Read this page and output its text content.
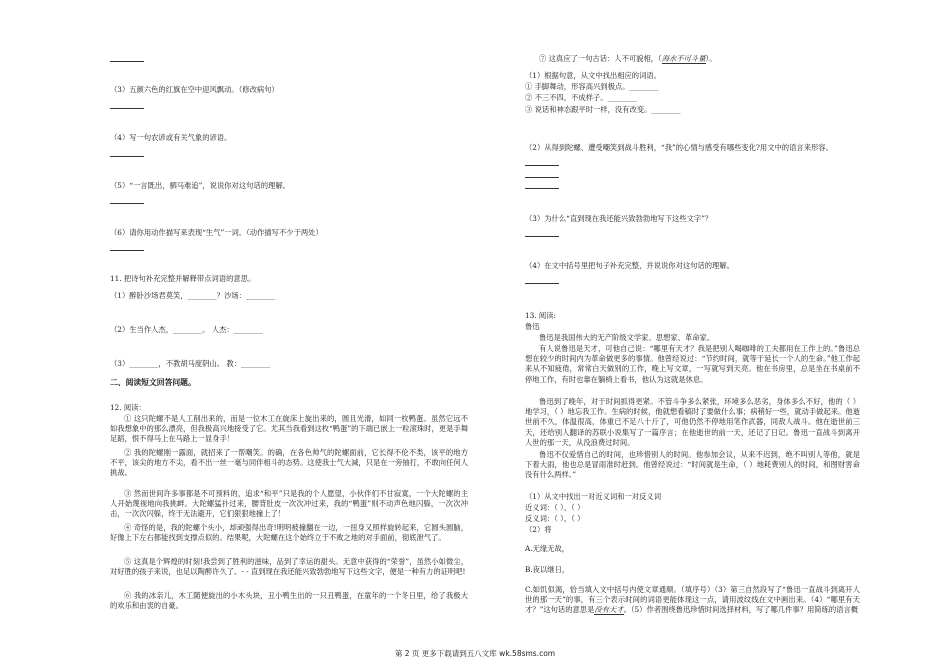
（3）五颜六色的红旗在空中迎风飘动。（修改病句）
（4）写一句农谚或有关气象的谚语。
（5）“一言既出，驷马难追”，说说你对这句话的理解。
（6）请你用动作描写来表现“生气”一词。（动作描写不少于两处）
11. 把诗句补充完整并解释带点词语的意思。
（1）醉卧沙场君莫笑，________？沙场：________
（2）生当作人杰，________。 人杰：________
（3）________，不教胡马度阴山。 教：________
二、阅读短文回答问题。
12. 阅读：
① 这只陀螺不是人工削出来的，而是一位木工在旋床上旋出来的，圆且光滑，如同一枚鸭蛋。虽然它远不如我想象中的那么漂亮，但我极高兴地接受了它。尤其当我看到这枚“鸭蛋”的下端已嵌上一粒滚珠时，更是手舞足蹈，恨不得马上在马路上一显身手！
② 我的陀螺刚一露面，就招来了一帮嘲笑。的确，在各色帅气的陀螺面前，它长得不伦不类，该平的地方不平，该尖的地方不尖，看不出一丝一毫与同伴相斗的态势。这使我士气大减，只是在一旁抽打，不敢向任何人挑战。
③ 然而世间许多事都是不可预料的，追求“和平”只是我的个人愿望，小伙伴们不甘寂寞，一个大陀螺的主人开始蔑视地向我挑衅。大陀螺猛扑过来，腰背肚皮一次次冲过来，我的“鸭蛋”则不动声色地闪躲，一次次冲击，一次次闪躲，终于无法避开，它们狠狠地撞上了！
④ 奇怪的是，我的陀螺个头小，却顽强得出奇!明明被撞翻在一边，一扭身又照样旋转起来，它圆头圆脑，好像上下左右都能找到支撑点似的。结果呢，大陀螺在这个始终立于不败之地的对手面前，彻底泄气了。
⑤ 这真是个辉煌的时刻!我尝到了胜利的滋味，品到了幸运的甜头。无意中获得的“荣誉”，虽然小如微尘，对好胜的孩子来说，也足以陶醉许久了。- - 直到现在我还能兴致勃勃地写下这些文字，便是一种有力的证明吧!
⑥ 我的冰亲儿，木工随便旋出的小木头块，丑小鸭生出的一只丑鸭蛋，在童年的一个冬日里，给了我极大的欢乐和由衷的自豪。
⑦ 这真应了一句古话：人不可貌相，（海水不可斗量）。
（1）根据句意，从文中找出相应的词语。
① 手脚舞动，形容高兴到极点。________
② 不三不四，不成样子。________
③ 说话和神态跟平时一样，没有改变。________
（2）从得到陀螺、遭受嘲笑到战斗胜利，“我”的心情与感受有哪些变化?用文中的语言来形容。
（3）为什么“直到现在我还能兴致勃勃地写下这些文字”？
（4）在文中括号里把句子补充完整，并说说你对这句话的理解。
13. 阅读:
鲁迅
鲁迅是我国伟大的无产阶级文学家、思想家、革命家。
有人说鲁迅是天才，可他自己说：“哪里有天才？我是把别人喝咖啡的工夫都用在工作上的。”鲁迅总想在较少的时间内为革命做更多的事情。他曾经说过：“节约时间，就等于延长一个人的生命。”他工作起来从不知疲倦，常常白天做别的工作，晚上写文章，一写就写到天亮。他在书房里，总是坐在书桌前不停地工作，有时也靠在躺椅上看书，他认为这就是休息。
鲁迅到了晚年，对于时间抓得更紧。不管斗争多么紧张，环境多么恶劣，身体多么不好，他的（ ）地学习，（ ）地忘我工作。生病的时候，他就想看稿时了要做什么事；病稍好一些，就动手做起来。他逝世前不久，体温很高，体重已不足八十斤了，可他仍然不停地用笔作武器，同敌人战斗。他在逝世前三天，还给别人翻译的苏联小说集写了一篇序言；在他逝世的前一天，还记了日记。鲁迅一直战斗到离开人世的那一天，从没浪费过时间。
鲁迅不仅爱惜自己的时间，也珍惜别人的时间。他参加会议，从来不迟到，绝不叫别人等他，就是下着大雨，他也总是冒雨准时赶到。他曾经说过：“时间就是生命，（ ）地耗费别人的时间，和图财害命没有什么两样。”
（1）从文中找出一对近义词和一对反义词
近义词：（ ）、（ ）
反义词：（ ）、（ ）
（2）将
A.无缘无故，
B.夜以继日，
C.如饥似渴，恰当填入文中括号内使文章通顺。（填序号）（3）第三自然段写了“鲁迅一直战斗到离开人世的那一天”的事，有三个表示时间的词语更能体现这一点，请用波纹线在文中画出来。（4）“哪里有天才？”这句话的意思是没有天才。（5）作者围绕鲁迅珍惜时间选择材料，写了哪几件事？用简练的语言概
第 2 页 更多下载请到五八文库 wk.58sms.com
